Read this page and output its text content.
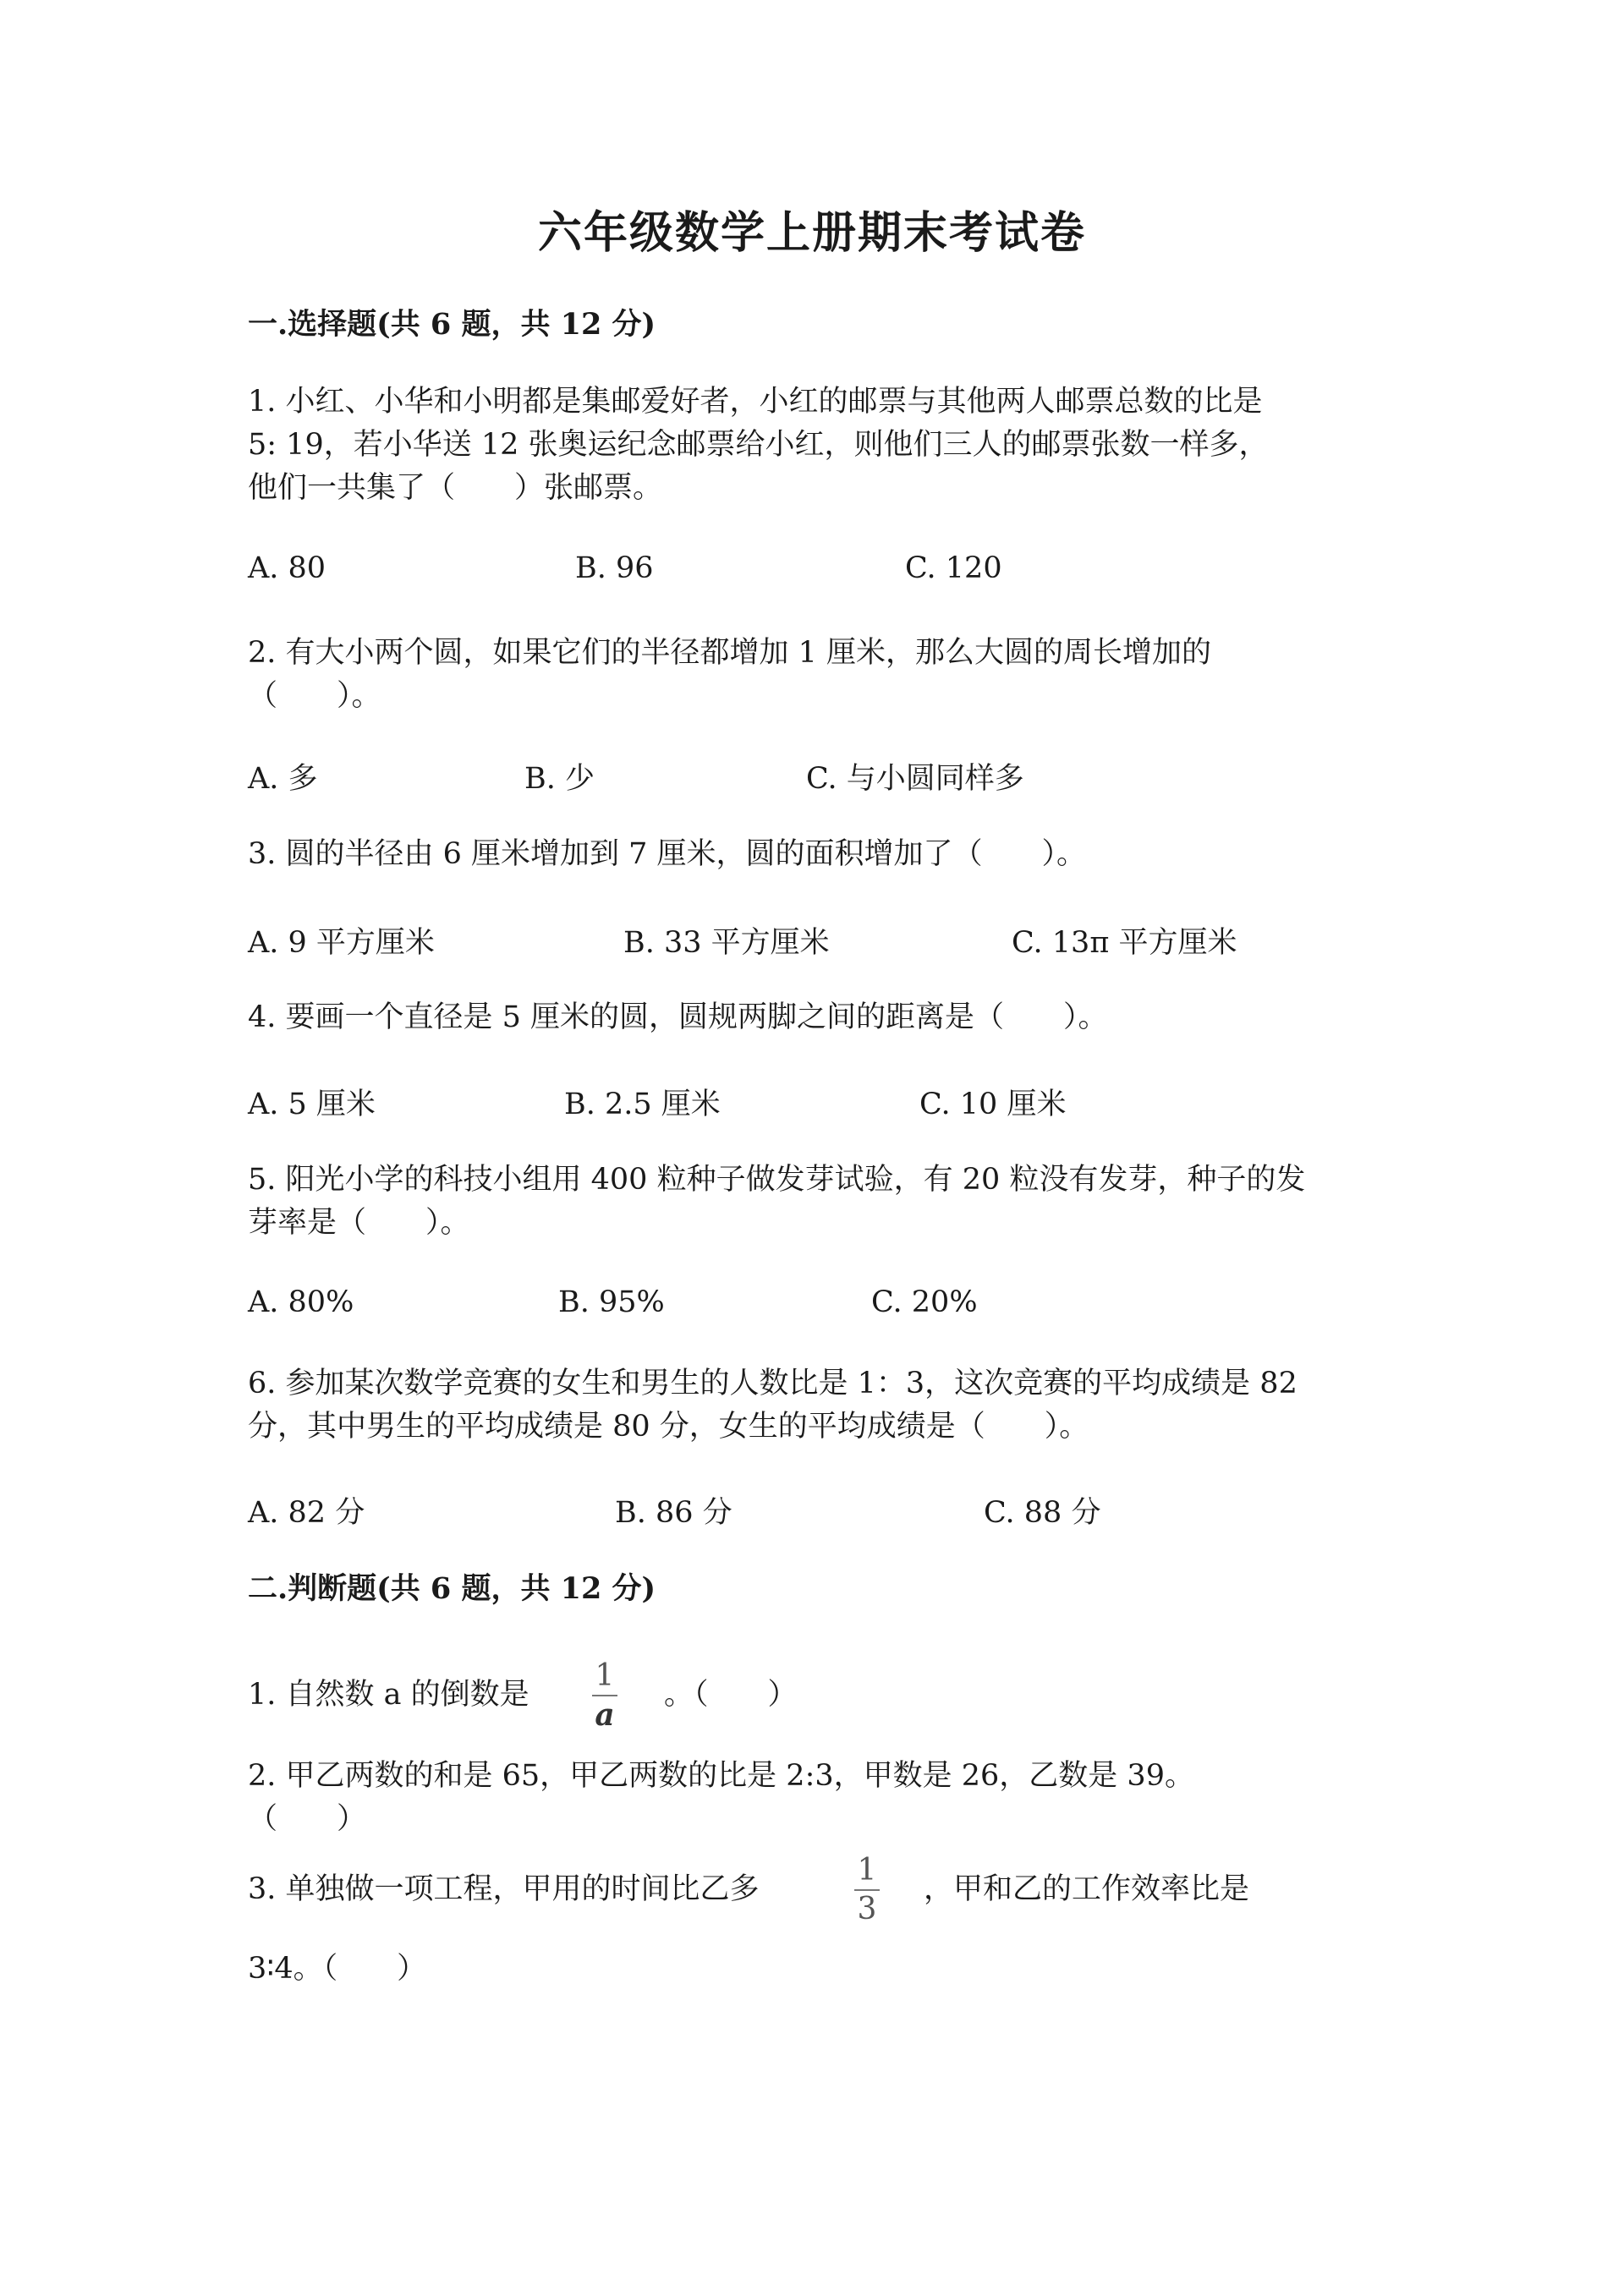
六年级数学上册期末考试卷
一.选择题(共 6 题，共 12 分)
1. 小红、小华和小明都是集邮爱好者，小红的邮票与其他两人邮票总数的比是
5: 19，若小华送 12 张奥运纪念邮票给小红，则他们三人的邮票张数一样多，
他们一共集了（　　）张邮票。
A. 80	B. 96	C. 120
2. 有大小两个圆，如果它们的半径都增加 1 厘米，那么大圆的周长增加的
（　　）。
A. 多	B. 少	C. 与小圆同样多
3. 圆的半径由 6 厘米增加到 7 厘米，圆的面积增加了（　　）。
A. 9 平方厘米	B. 33 平方厘米	C. 13π 平方厘米
4. 要画一个直径是 5 厘米的圆，圆规两脚之间的距离是（　　）。
A. 5 厘米	B. 2.5 厘米	C. 10 厘米
5. 阳光小学的科技小组用 400 粒种子做发芽试验，有 20 粒没有发芽，种子的发
芽率是（　　）。
A. 80%	B. 95%	C. 20%
6. 参加某次数学竞赛的女生和男生的人数比是 1：3，这次竞赛的平均成绩是 82
分，其中男生的平均成绩是 80 分，女生的平均成绩是（　　）。
A. 82 分	B. 86 分	C. 88 分
二.判断题(共 6 题，共 12 分)
1. 自然数 a 的倒数是
1
a
。（　　）
2. 甲乙两数的和是 65，甲乙两数的比是 2:3，甲数是 26，乙数是 39。
（　　）
3. 单独做一项工程，甲用的时间比乙多
1
3
，甲和乙的工作效率比是
3∶4。（　　）
